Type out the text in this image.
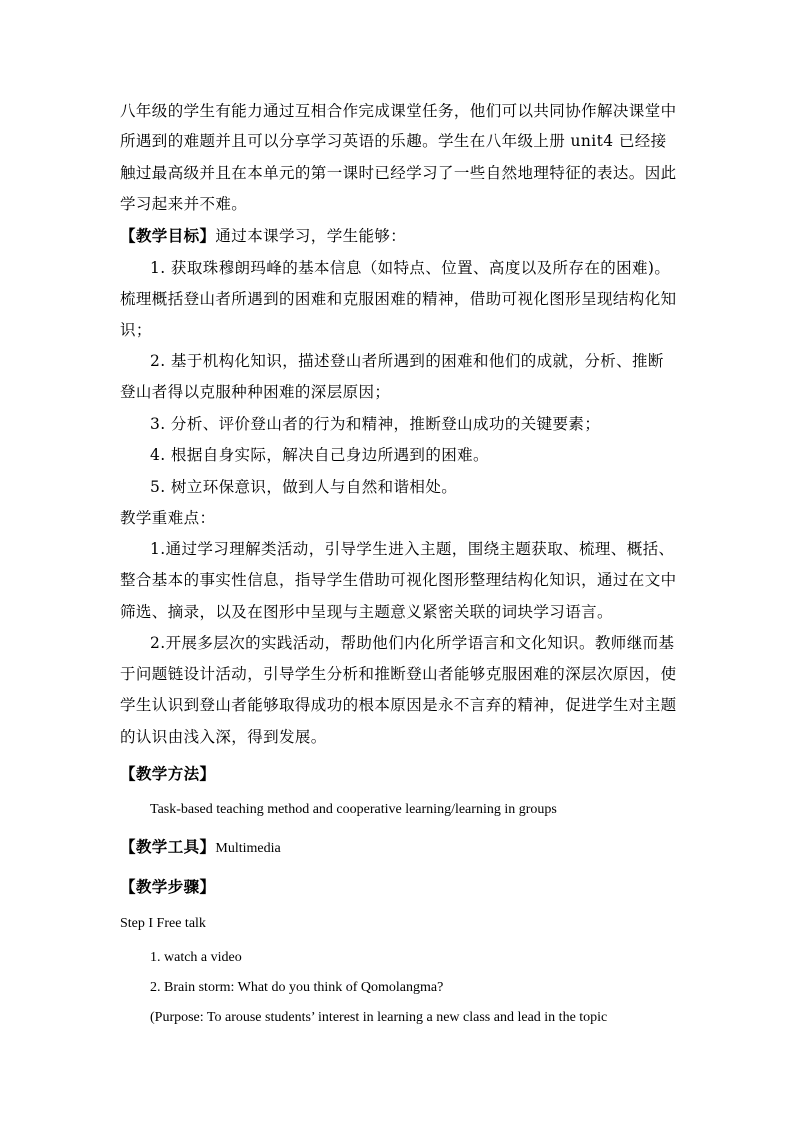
八年级的学生有能力通过互相合作完成课堂任务，他们可以共同协作解决课堂中
所遇到的难题并且可以分享学习英语的乐趣。学生在八年级上册 unit4 已经接
触过最高级并且在本单元的第一课时已经学习了一些自然地理特征的表达。因此
学习起来并不难。
【教学目标】通过本课学习，学生能够：
1. 获取珠穆朗玛峰的基本信息（如特点、位置、高度以及所存在的困难)。
梳理概括登山者所遇到的困难和克服困难的精神，借助可视化图形呈现结构化知
识；
2. 基于机构化知识，描述登山者所遇到的困难和他们的成就，分析、推断
登山者得以克服种种困难的深层原因；
3. 分析、评价登山者的行为和精神，推断登山成功的关键要素；
4. 根据自身实际，解决自己身边所遇到的困难。
5. 树立环保意识，做到人与自然和谐相处。
教学重难点：
1.通过学习理解类活动，引导学生进入主题，围绕主题获取、梳理、概括、
整合基本的事实性信息，指导学生借助可视化图形整理结构化知识，通过在文中
筛选、摘录，以及在图形中呈现与主题意义紧密关联的词块学习语言。
2.开展多层次的实践活动，帮助他们内化所学语言和文化知识。教师继而基
于问题链设计活动，引导学生分析和推断登山者能够克服困难的深层次原因，使
学生认识到登山者能够取得成功的根本原因是永不言弃的精神，促进学生对主题
的认识由浅入深，得到发展。
【教学方法】
Task-based teaching method and cooperative learning/learning in groups
【教学工具】Multimedia
【教学步骤】
Step I Free talk
1. watch a video
2. Brain storm: What do you think of Qomolangma?
(Purpose: To arouse students’ interest in learning a new class and lead in the topic
